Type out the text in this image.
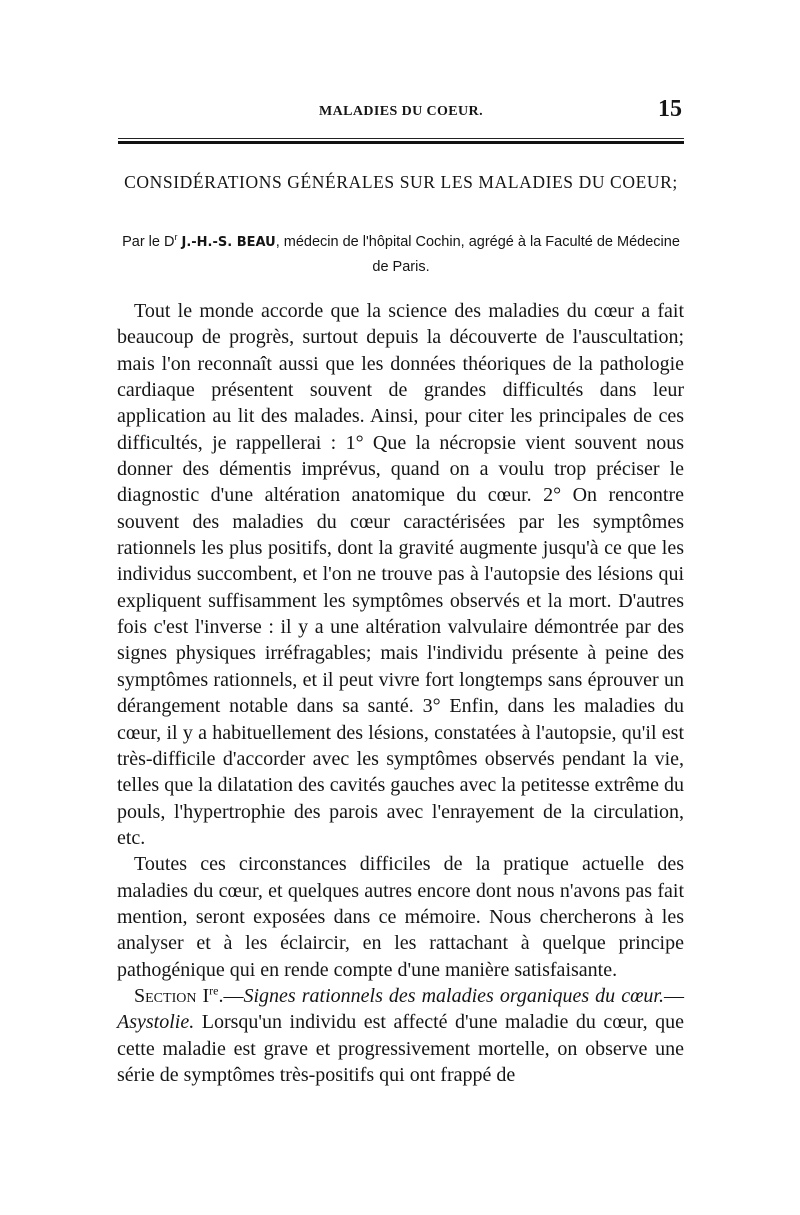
MALADIES DU COEUR.	15
CONSIDÉRATIONS GÉNÉRALES SUR LES MALADIES DU COEUR;
Par le $D^r$ J.-H.-S. BEAU, médecin de l'hôpital Cochin, agrégé à la Faculté de Médecine de Paris.

Tout le monde accorde que la science des maladies du cœur a fait beaucoup de progrès, surtout depuis la découverte de l'auscultation; mais l'on reconnaît aussi que les données théoriques de la pathologie cardiaque présentent souvent de grandes difficultés dans leur application au lit des malades. Ainsi, pour citer les principales de ces difficultés, je rappellerai : 1° Que la nécropsie vient souvent nous donner des démentis imprévus, quand on a voulu trop préciser le diagnostic d'une altération anatomique du cœur. 2° On rencontre souvent des maladies du cœur caractérisées par les symptômes rationnels les plus positifs, dont la gravité augmente jusqu'à ce que les individus succombent, et l'on ne trouve pas à l'autopsie des lésions qui expliquent suffisamment les symptômes observés et la mort. D'autres fois c'est l'inverse : il y a une altération valvulaire démontrée par des signes physiques irréfragables; mais l'individu présente à peine des symptômes rationnels, et il peut vivre fort longtemps sans éprouver un dérangement notable dans sa santé. 3° Enfin, dans les maladies du cœur, il y a habituellement des lésions, constatées à l'autopsie, qu'il est très-difficile d'accorder avec les symptômes observés pendant la vie, telles que la dilatation des cavités gauches avec la petitesse extrême du pouls, l'hypertrophie des parois avec l'enrayement de la circulation, etc.

Toutes ces circonstances difficiles de la pratique actuelle des maladies du cœur, et quelques autres encore dont nous n'avons pas fait mention, seront exposées dans ce mémoire. Nous chercherons à les analyser et à les éclaircir, en les rattachant à quelque principe pathogénique qui en rende compte d'une manière satisfaisante.

Section Ire.—Signes rationnels des maladies organiques du cœur.—Asystolie. Lorsqu'un individu est affecté d'une maladie du cœur, que cette maladie est grave et progressivement mortelle, on observe une série de symptômes très-positifs qui ont frappé de
